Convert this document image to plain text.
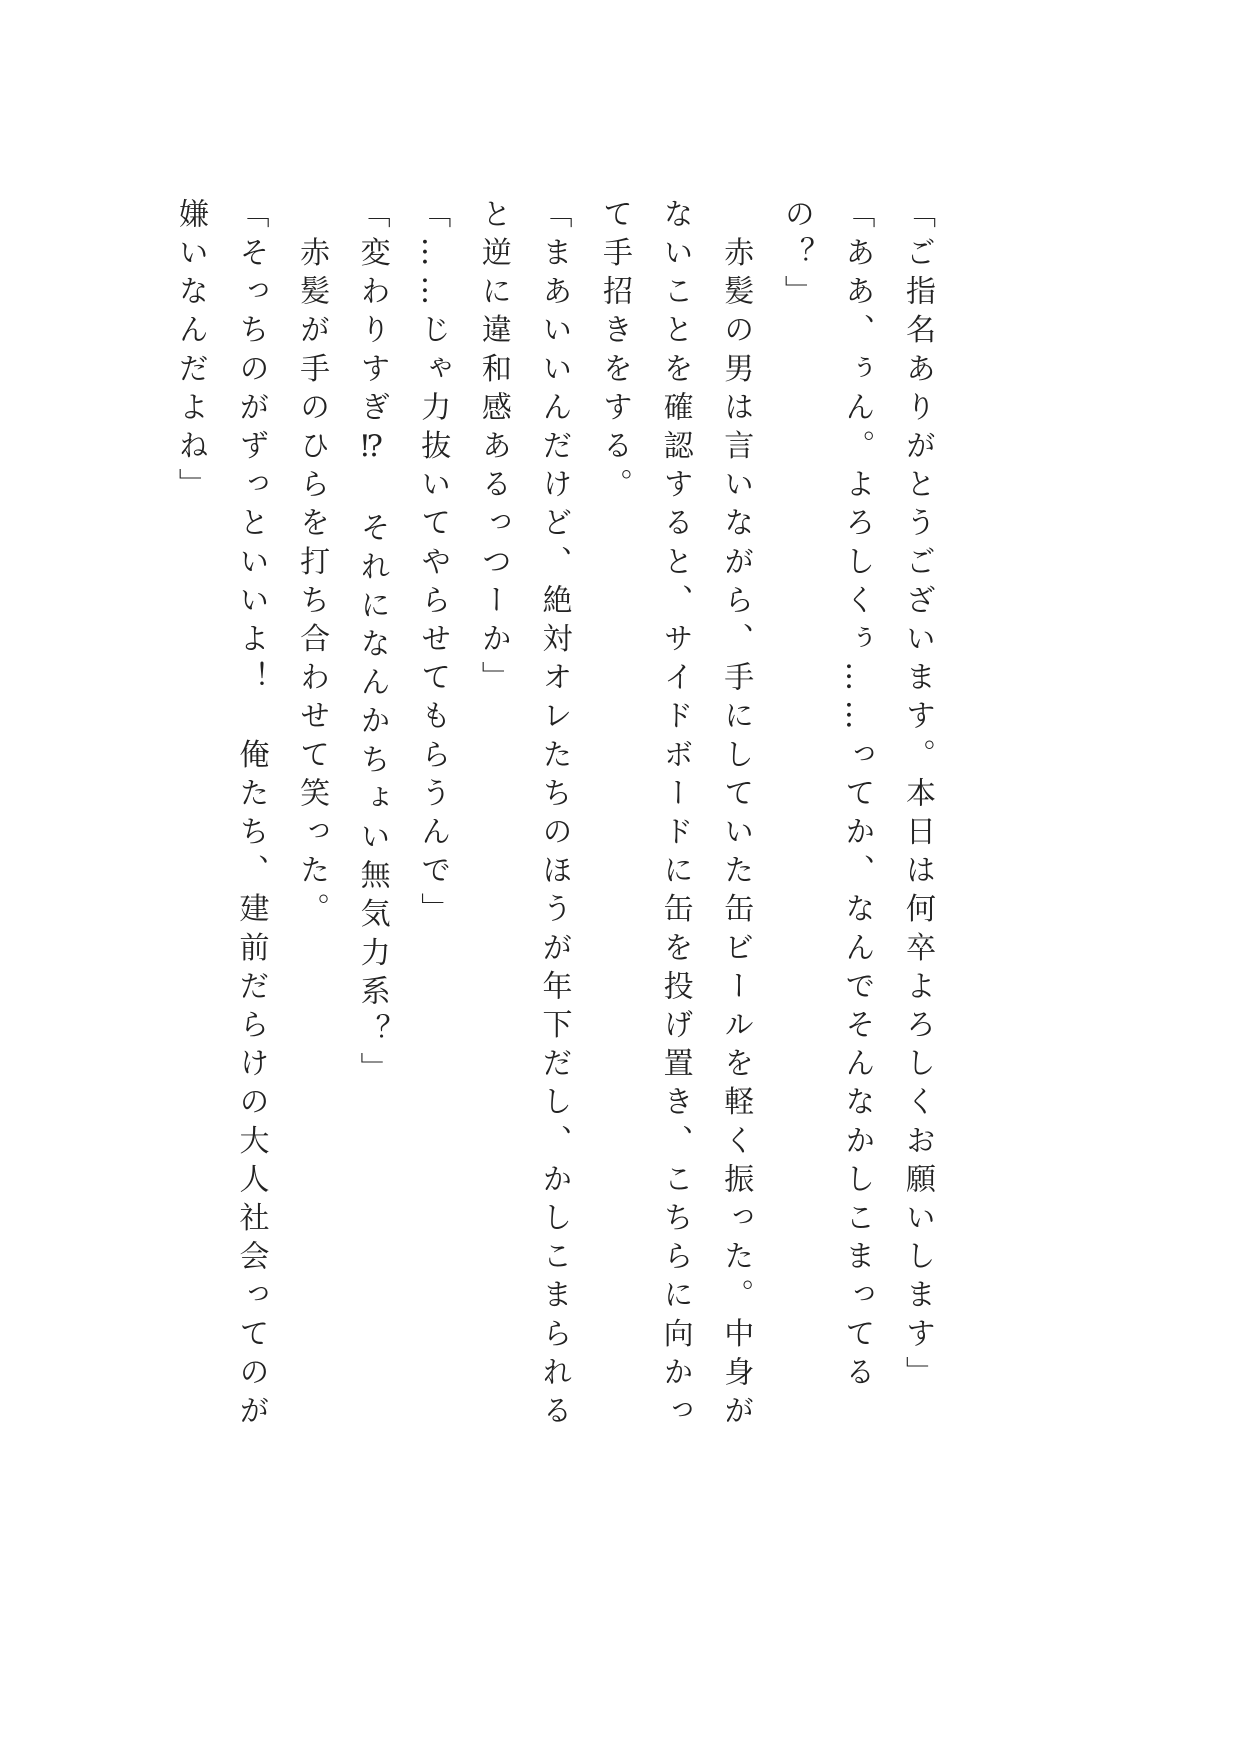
「ご指名ありがとうございます。本日は何卒よろしくお願いします」
「ああ、ぅん。よろしくぅ……ってか、なんでそんなかしこまってる
の？」
　赤髪の男は言いながら、手にしていた缶ビールを軽く振った。中身が
ないことを確認すると、サイドボードに缶を投げ置き、こちらに向かっ
て手招きをする。
「まあいいんだけど、絶対オレたちのほうが年下だし、かしこまられる
と逆に違和感あるっつーか」
「……じゃ力抜いてやらせてもらうんで」
「変わりすぎ⁉　それになんかちょい無気力系？」
　赤髪が手のひらを打ち合わせて笑った。
「そっちのがずっといいよ！　俺たち、建前だらけの大人社会ってのが
嫌いなんだよね」
